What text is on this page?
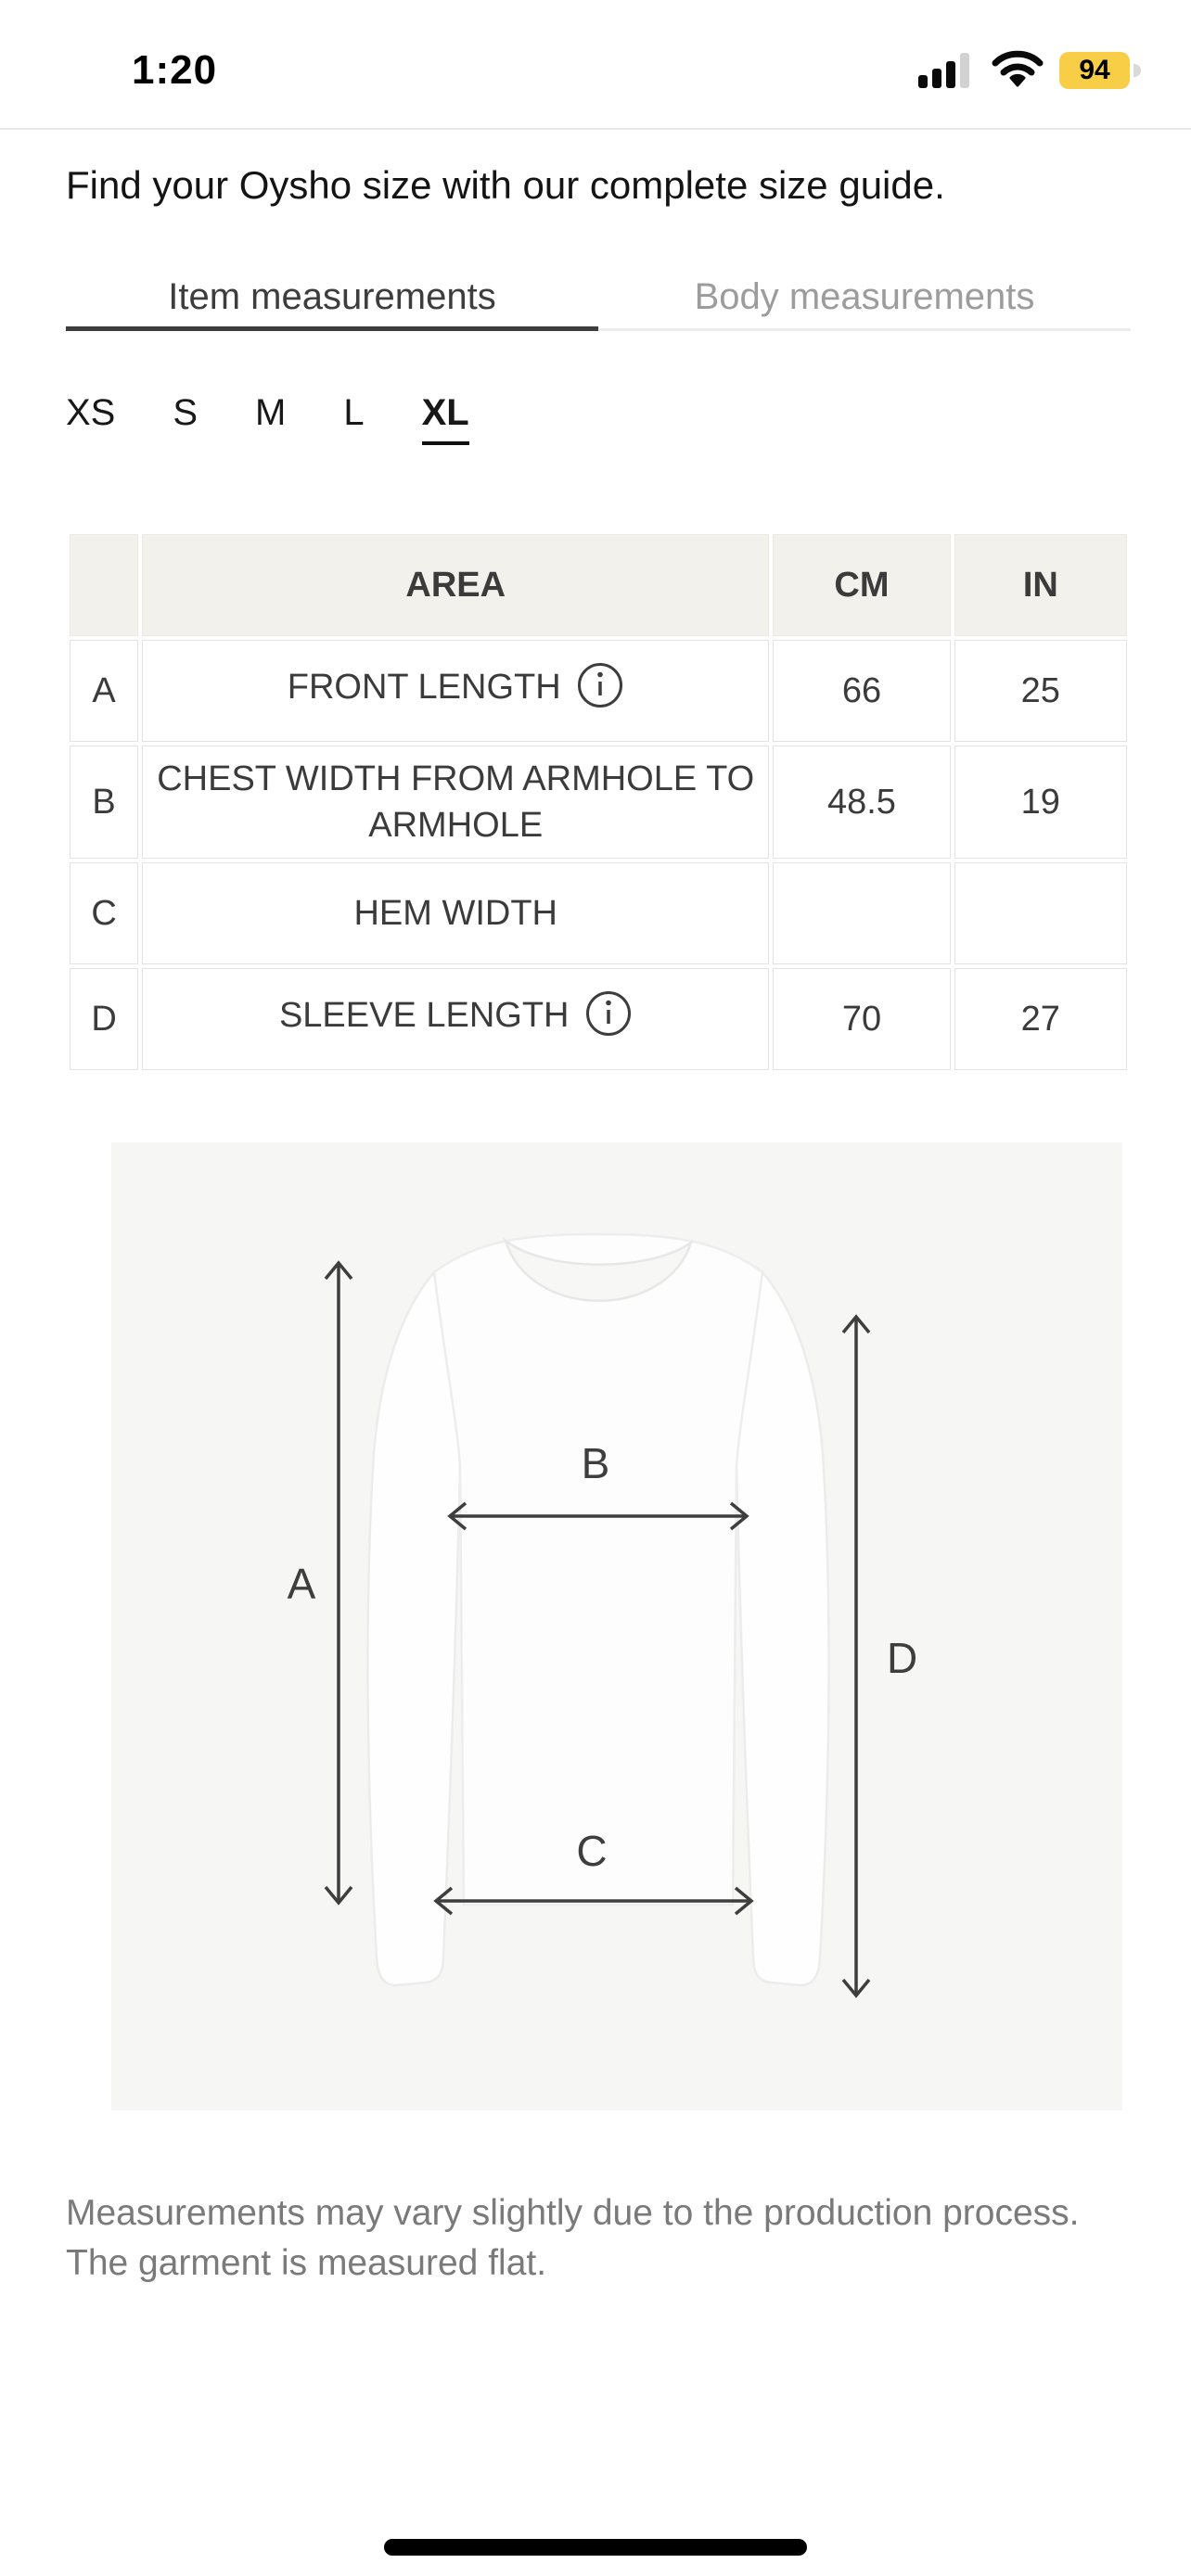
1:20	94
Find your Oysho size with our complete size guide.
Item measurements	Body measurements
XS S M L XL
	AREA	CM	IN
A	FRONT LENGTH	66	25
B	CHEST WIDTH FROM ARMHOLE TO ARMHOLE	48.5	19
C	HEM WIDTH		
D	SLEEVE LENGTH	70	27
A
B
C
D
Measurements may vary slightly due to the production process. The garment is measured flat.
